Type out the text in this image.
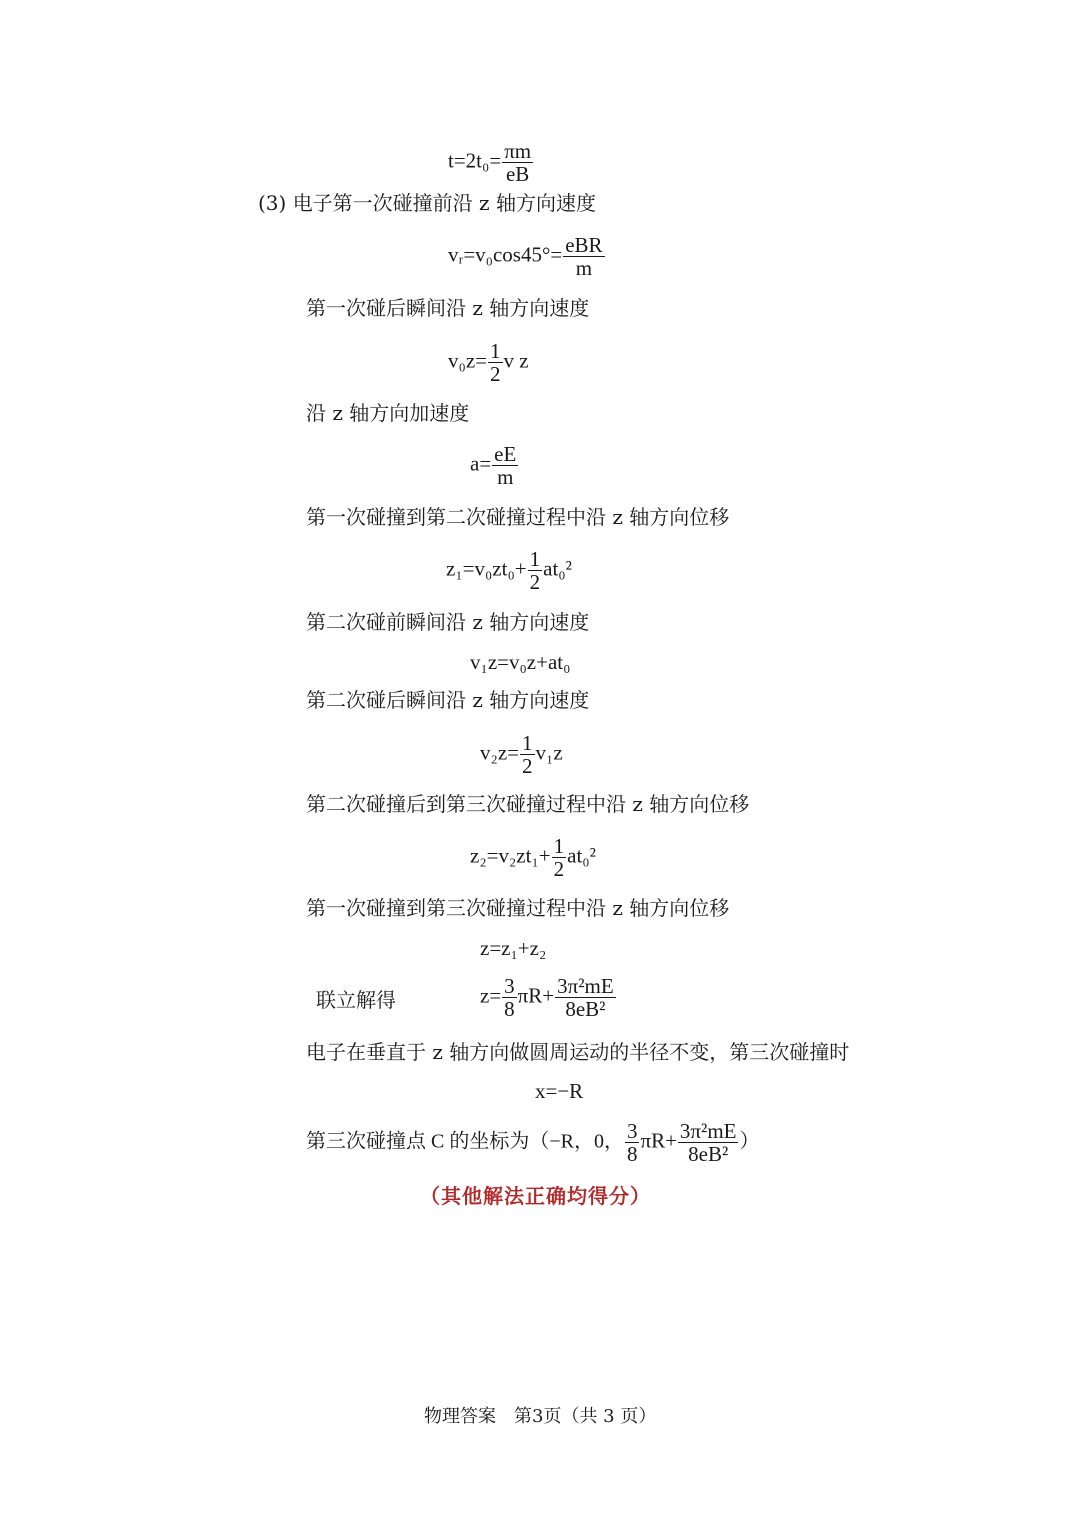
$t=2t_0= \frac{\pi m}{eB}$
(3) 电子第一次碰撞前沿 z 轴方向速度
vᵣ=v₀cos45°= $\frac{\text{eBR}}{m}$
第一次碰后瞬间沿 z 轴方向速度
$v_0z= \frac{1}{2}$ v z
沿 z 轴方向加速度
$a= \frac{eE}{m}$
第一次碰撞到第二次碰撞过程中沿 z 轴方向位移
$z_1=v_0zt_0+ \frac{1}{2} at_0^2$
第二次碰前瞬间沿 z 轴方向速度
v₁z=v₀z+at₀
第二次碰后瞬间沿 z 轴方向速度
$v_2z= \frac{1}{2} v_1z$
第二次碰撞后到第三次碰撞过程中沿 z 轴方向位移
$z_2=v_2zt_1+ \frac{1}{2} at_0^2$
第一次碰撞到第三次碰撞过程中沿 z 轴方向位移
z=z₁+z₂
联立解得	$z= \frac{3}{8} \pi R+ \frac{\text{3π²mE}}{\text{8eB²}}$
电子在垂直于 z 轴方向做圆周运动的半径不变，第三次碰撞时
x=−R
第三次碰撞点 C 的坐标为（−R，0， $\frac{3}{8} \pi R+ \frac{\text{3π²mE}}{\text{8eB²}}$ ）
（其他解法正确均得分）
物理答案　第3页（共 3 页）
